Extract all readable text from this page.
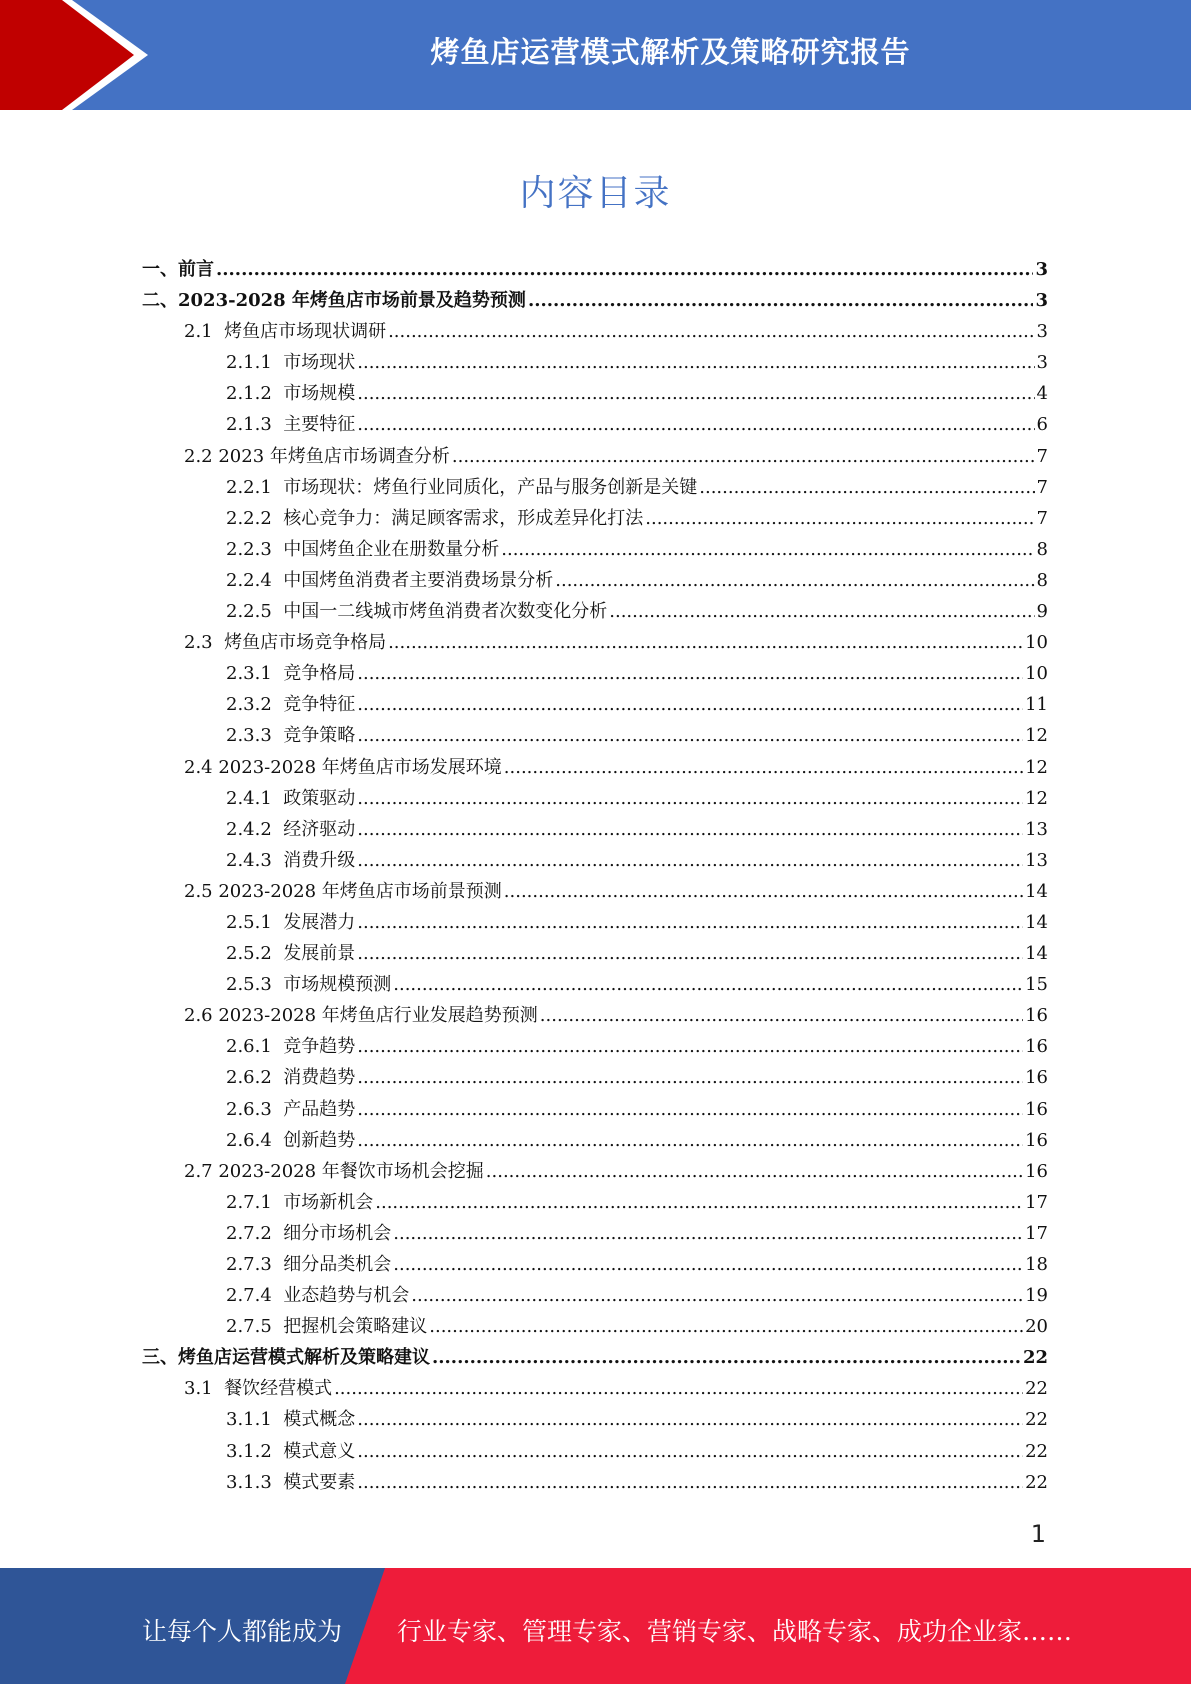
烤鱼店运营模式解析及策略研究报告
内容目录
一、 前言 .....	3
二、 2023-2028 年烤鱼店市场前景及趋势预测 .....	3
2.1 烤鱼店市场现状调研 .....	3
2.1.1 市场现状 .....	3
2.1.2 市场规模 .....	4
2.1.3 主要特征 .....	6
2.2 2023 年烤鱼店市场调查分析 .....	7
2.2.1 市场现状：烤鱼行业同质化，产品与服务创新是关键 .....	7
2.2.2 核心竞争力：满足顾客需求，形成差异化打法 .....	7
2.2.3 中国烤鱼企业在册数量分析 .....	8
2.2.4 中国烤鱼消费者主要消费场景分析 .....	8
2.2.5 中国一二线城市烤鱼消费者次数变化分析 .....	9
2.3 烤鱼店市场竞争格局 .....	10
2.3.1 竞争格局 .....	10
2.3.2 竞争特征 .....	11
2.3.3 竞争策略 .....	12
2.4 2023-2028 年烤鱼店市场发展环境 .....	12
2.4.1 政策驱动 .....	12
2.4.2 经济驱动 .....	13
2.4.3 消费升级 .....	13
2.5 2023-2028 年烤鱼店市场前景预测 .....	14
2.5.1 发展潜力 .....	14
2.5.2 发展前景 .....	14
2.5.3 市场规模预测 .....	15
2.6 2023-2028 年烤鱼店行业发展趋势预测 .....	16
2.6.1 竞争趋势 .....	16
2.6.2 消费趋势 .....	16
2.6.3 产品趋势 .....	16
2.6.4 创新趋势 .....	16
2.7 2023-2028 年餐饮市场机会挖掘 .....	16
2.7.1 市场新机会 .....	17
2.7.2 细分市场机会 .....	17
2.7.3 细分品类机会 .....	18
2.7.4 业态趋势与机会 .....	19
2.7.5 把握机会策略建议 .....	20
三、 烤鱼店运营模式解析及策略建议 .....	22
3.1 餐饮经营模式 .....	22
3.1.1 模式概念 .....	22
3.1.2 模式意义 .....	22
3.1.3 模式要素 .....	22
1
让每个人都能成为 行业专家、管理专家、营销专家、战略专家、成功企业家……
